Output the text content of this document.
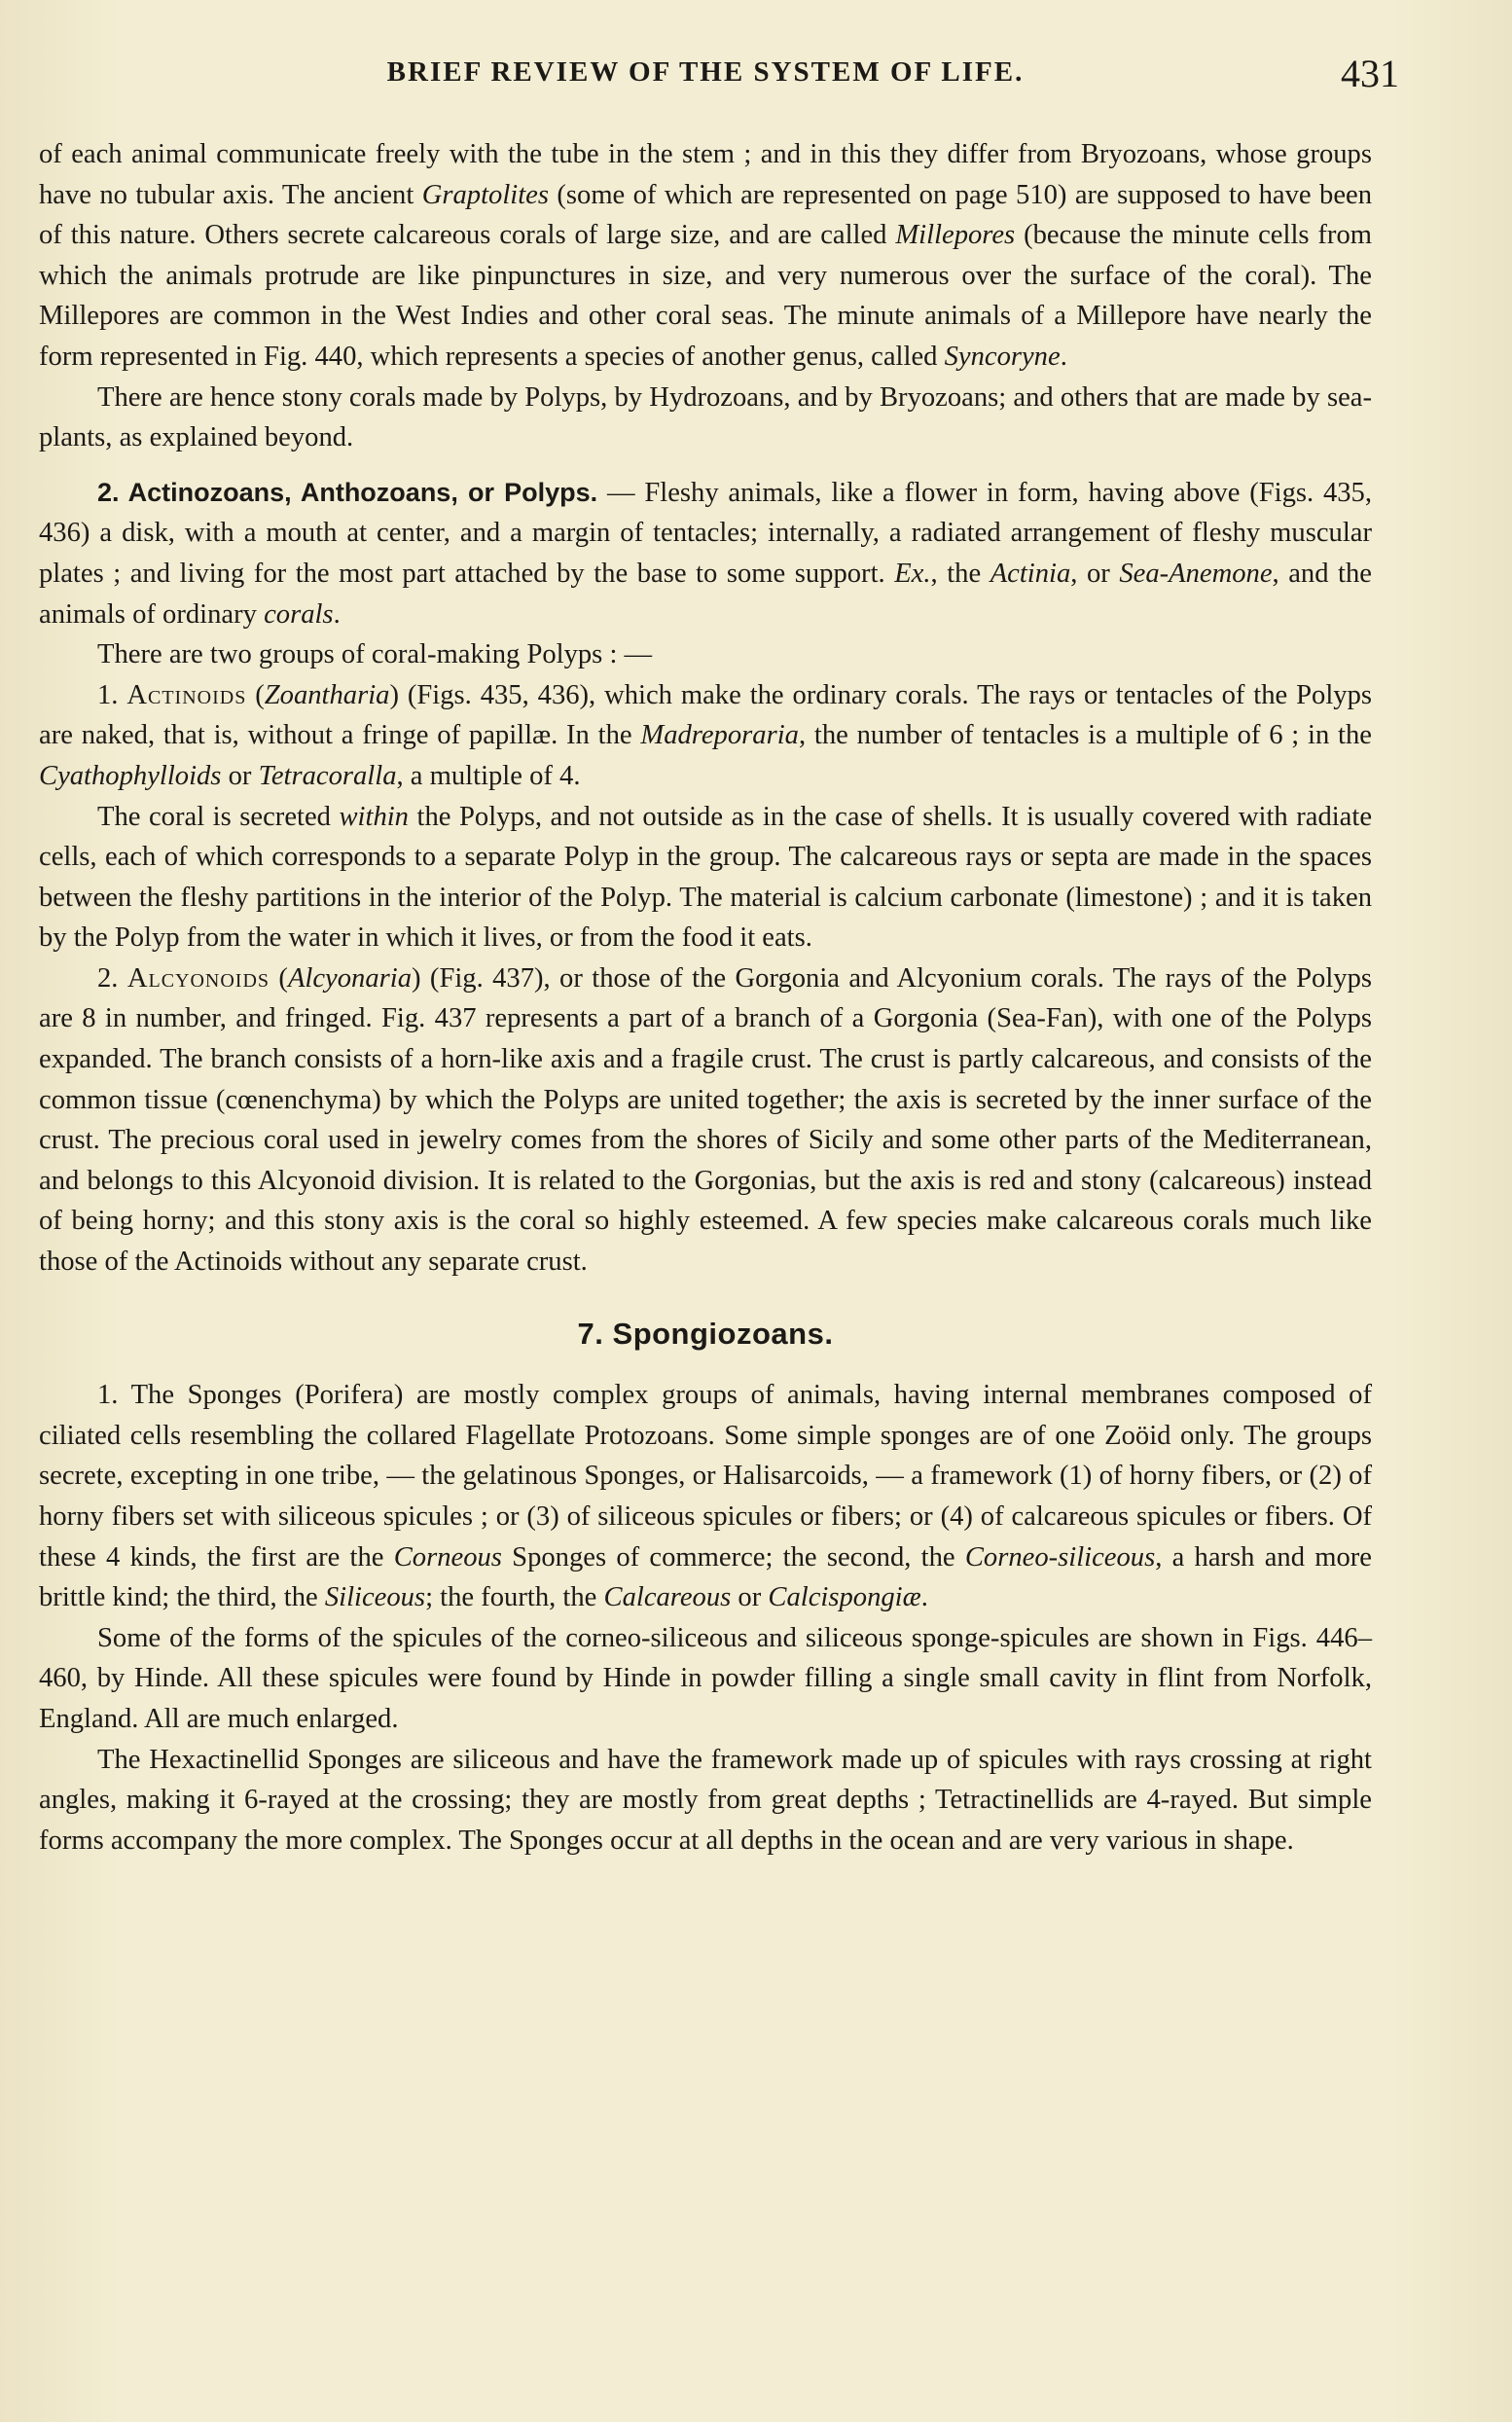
BRIEF REVIEW OF THE SYSTEM OF LIFE.	431

of each animal communicate freely with the tube in the stem ; and in this they differ from Bryozoans, whose groups have no tubular axis. The ancient Graptolites (some of which are represented on page 510) are supposed to have been of this nature. Others secrete calcareous corals of large size, and are called Millepores (because the minute cells from which the animals protrude are like pinpunctures in size, and very numerous over the surface of the coral). The Millepores are common in the West Indies and other coral seas. The minute animals of a Millepore have nearly the form represented in Fig. 440, which represents a species of another genus, called Syncoryne.

There are hence stony corals made by Polyps, by Hydrozoans, and by Bryozoans; and others that are made by sea-plants, as explained beyond.

2. Actinozoans, Anthozoans, or Polyps. — Fleshy animals, like a flower in form, having above (Figs. 435, 436) a disk, with a mouth at center, and a margin of tentacles; internally, a radiated arrangement of fleshy muscular plates ; and living for the most part attached by the base to some support. Ex., the Actinia, or Sea-Anemone, and the animals of ordinary corals.

There are two groups of coral-making Polyps : —

1. Actinoids (Zoantharia) (Figs. 435, 436), which make the ordinary corals. The rays or tentacles of the Polyps are naked, that is, without a fringe of papillæ. In the Madreporaria, the number of tentacles is a multiple of 6 ; in the Cyathophylloids or Tetracoralla, a multiple of 4.

The coral is secreted within the Polyps, and not outside as in the case of shells. It is usually covered with radiate cells, each of which corresponds to a separate Polyp in the group. The calcareous rays or septa are made in the spaces between the fleshy partitions in the interior of the Polyp. The material is calcium carbonate (limestone) ; and it is taken by the Polyp from the water in which it lives, or from the food it eats.

2. Alcyonoids (Alcyonaria) (Fig. 437), or those of the Gorgonia and Alcyonium corals. The rays of the Polyps are 8 in number, and fringed. Fig. 437 represents a part of a branch of a Gorgonia (Sea-Fan), with one of the Polyps expanded. The branch consists of a horn-like axis and a fragile crust. The crust is partly calcareous, and consists of the common tissue (cœnenchyma) by which the Polyps are united together; the axis is secreted by the inner surface of the crust. The precious coral used in jewelry comes from the shores of Sicily and some other parts of the Mediterranean, and belongs to this Alcyonoid division. It is related to the Gorgonias, but the axis is red and stony (calcareous) instead of being horny; and this stony axis is the coral so highly esteemed. A few species make calcareous corals much like those of the Actinoids without any separate crust.

7. Spongiozoans.

1. The Sponges (Porifera) are mostly complex groups of animals, having internal membranes composed of ciliated cells resembling the collared Flagellate Protozoans. Some simple sponges are of one Zoöid only. The groups secrete, excepting in one tribe, — the gelatinous Sponges, or Halisarcoids, — a framework (1) of horny fibers, or (2) of horny fibers set with siliceous spicules ; or (3) of siliceous spicules or fibers; or (4) of calcareous spicules or fibers. Of these 4 kinds, the first are the Corneous Sponges of commerce; the second, the Corneo-siliceous, a harsh and more brittle kind; the third, the Siliceous; the fourth, the Calcareous or Calcispongiæ.

Some of the forms of the spicules of the corneo-siliceous and siliceous sponge-spicules are shown in Figs. 446–460, by Hinde. All these spicules were found by Hinde in powder filling a single small cavity in flint from Norfolk, England. All are much enlarged.

The Hexactinellid Sponges are siliceous and have the framework made up of spicules with rays crossing at right angles, making it 6-rayed at the crossing; they are mostly from great depths ; Tetractinellids are 4-rayed. But simple forms accompany the more complex. The Sponges occur at all depths in the ocean and are very various in shape.
